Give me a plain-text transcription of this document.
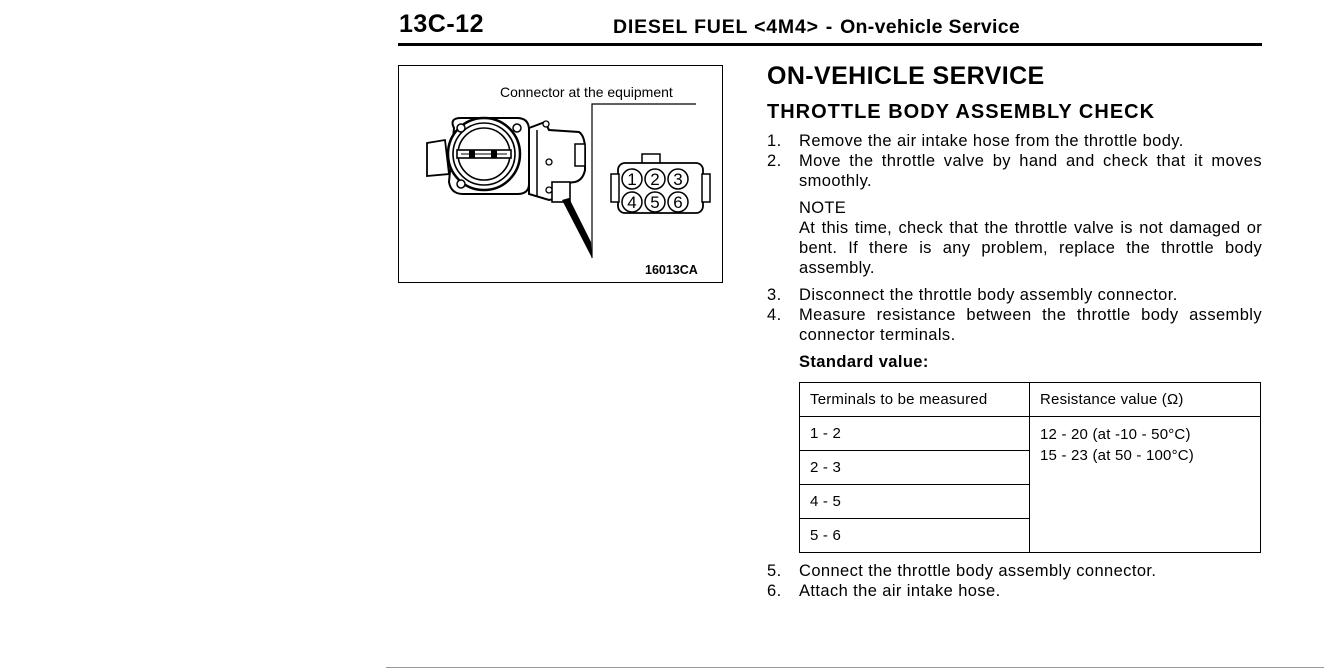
13C-12	DIESEL FUEL <4M4> - On-vehicle Service
1 2 3
4 5 6
Connector at the equipment
16013CA
ON-VEHICLE SERVICE
THROTTLE BODY ASSEMBLY CHECK
1.	Remove the air intake hose from the throttle body.
2.	Move the throttle valve by hand and check that it moves smoothly.
NOTE
At this time, check that the throttle valve is not damaged or bent. If there is any problem, replace the throttle body assembly.
3.	Disconnect the throttle body assembly connector.
4.	Measure resistance between the throttle body assembly connector terminals.
Standard value:
Terminals to be measured	Resistance value (Ω)
1 - 2	12 - 20 (at -10 - 50°C)
15 - 23 (at 50 - 100°C)

2 - 3	
4 - 5	
5 - 6	
5.	Connect the throttle body assembly connector.
6.	Attach the air intake hose.
